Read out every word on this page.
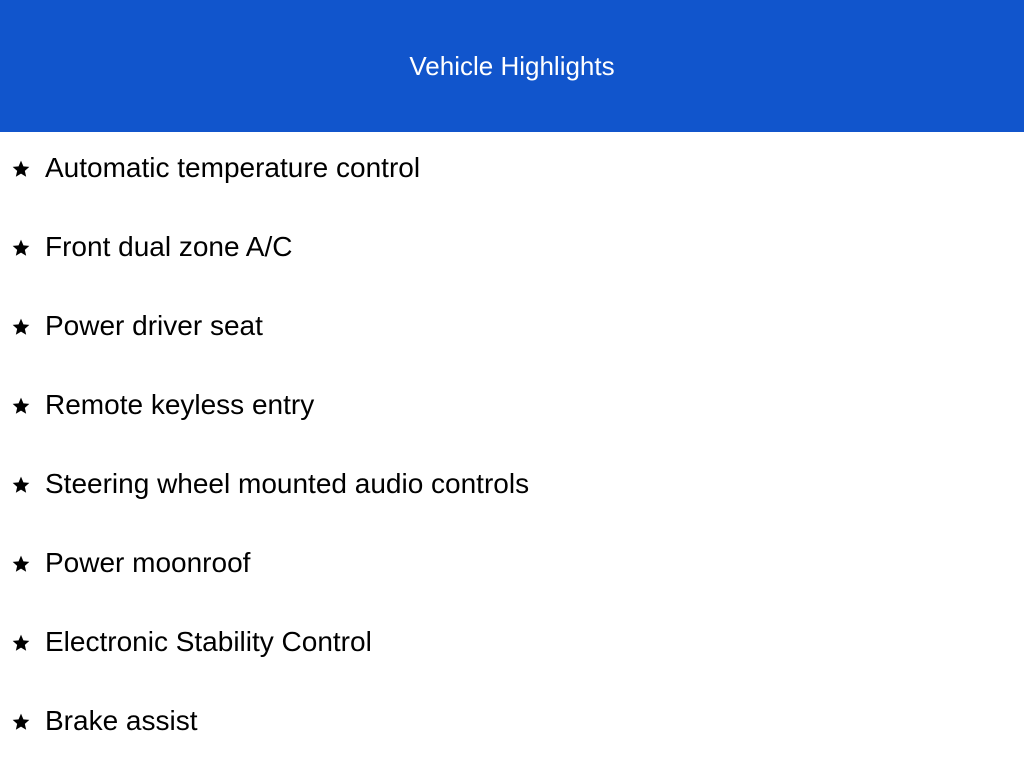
Vehicle Highlights
Automatic temperature control
Front dual zone A/C
Power driver seat
Remote keyless entry
Steering wheel mounted audio controls
Power moonroof
Electronic Stability Control
Brake assist
